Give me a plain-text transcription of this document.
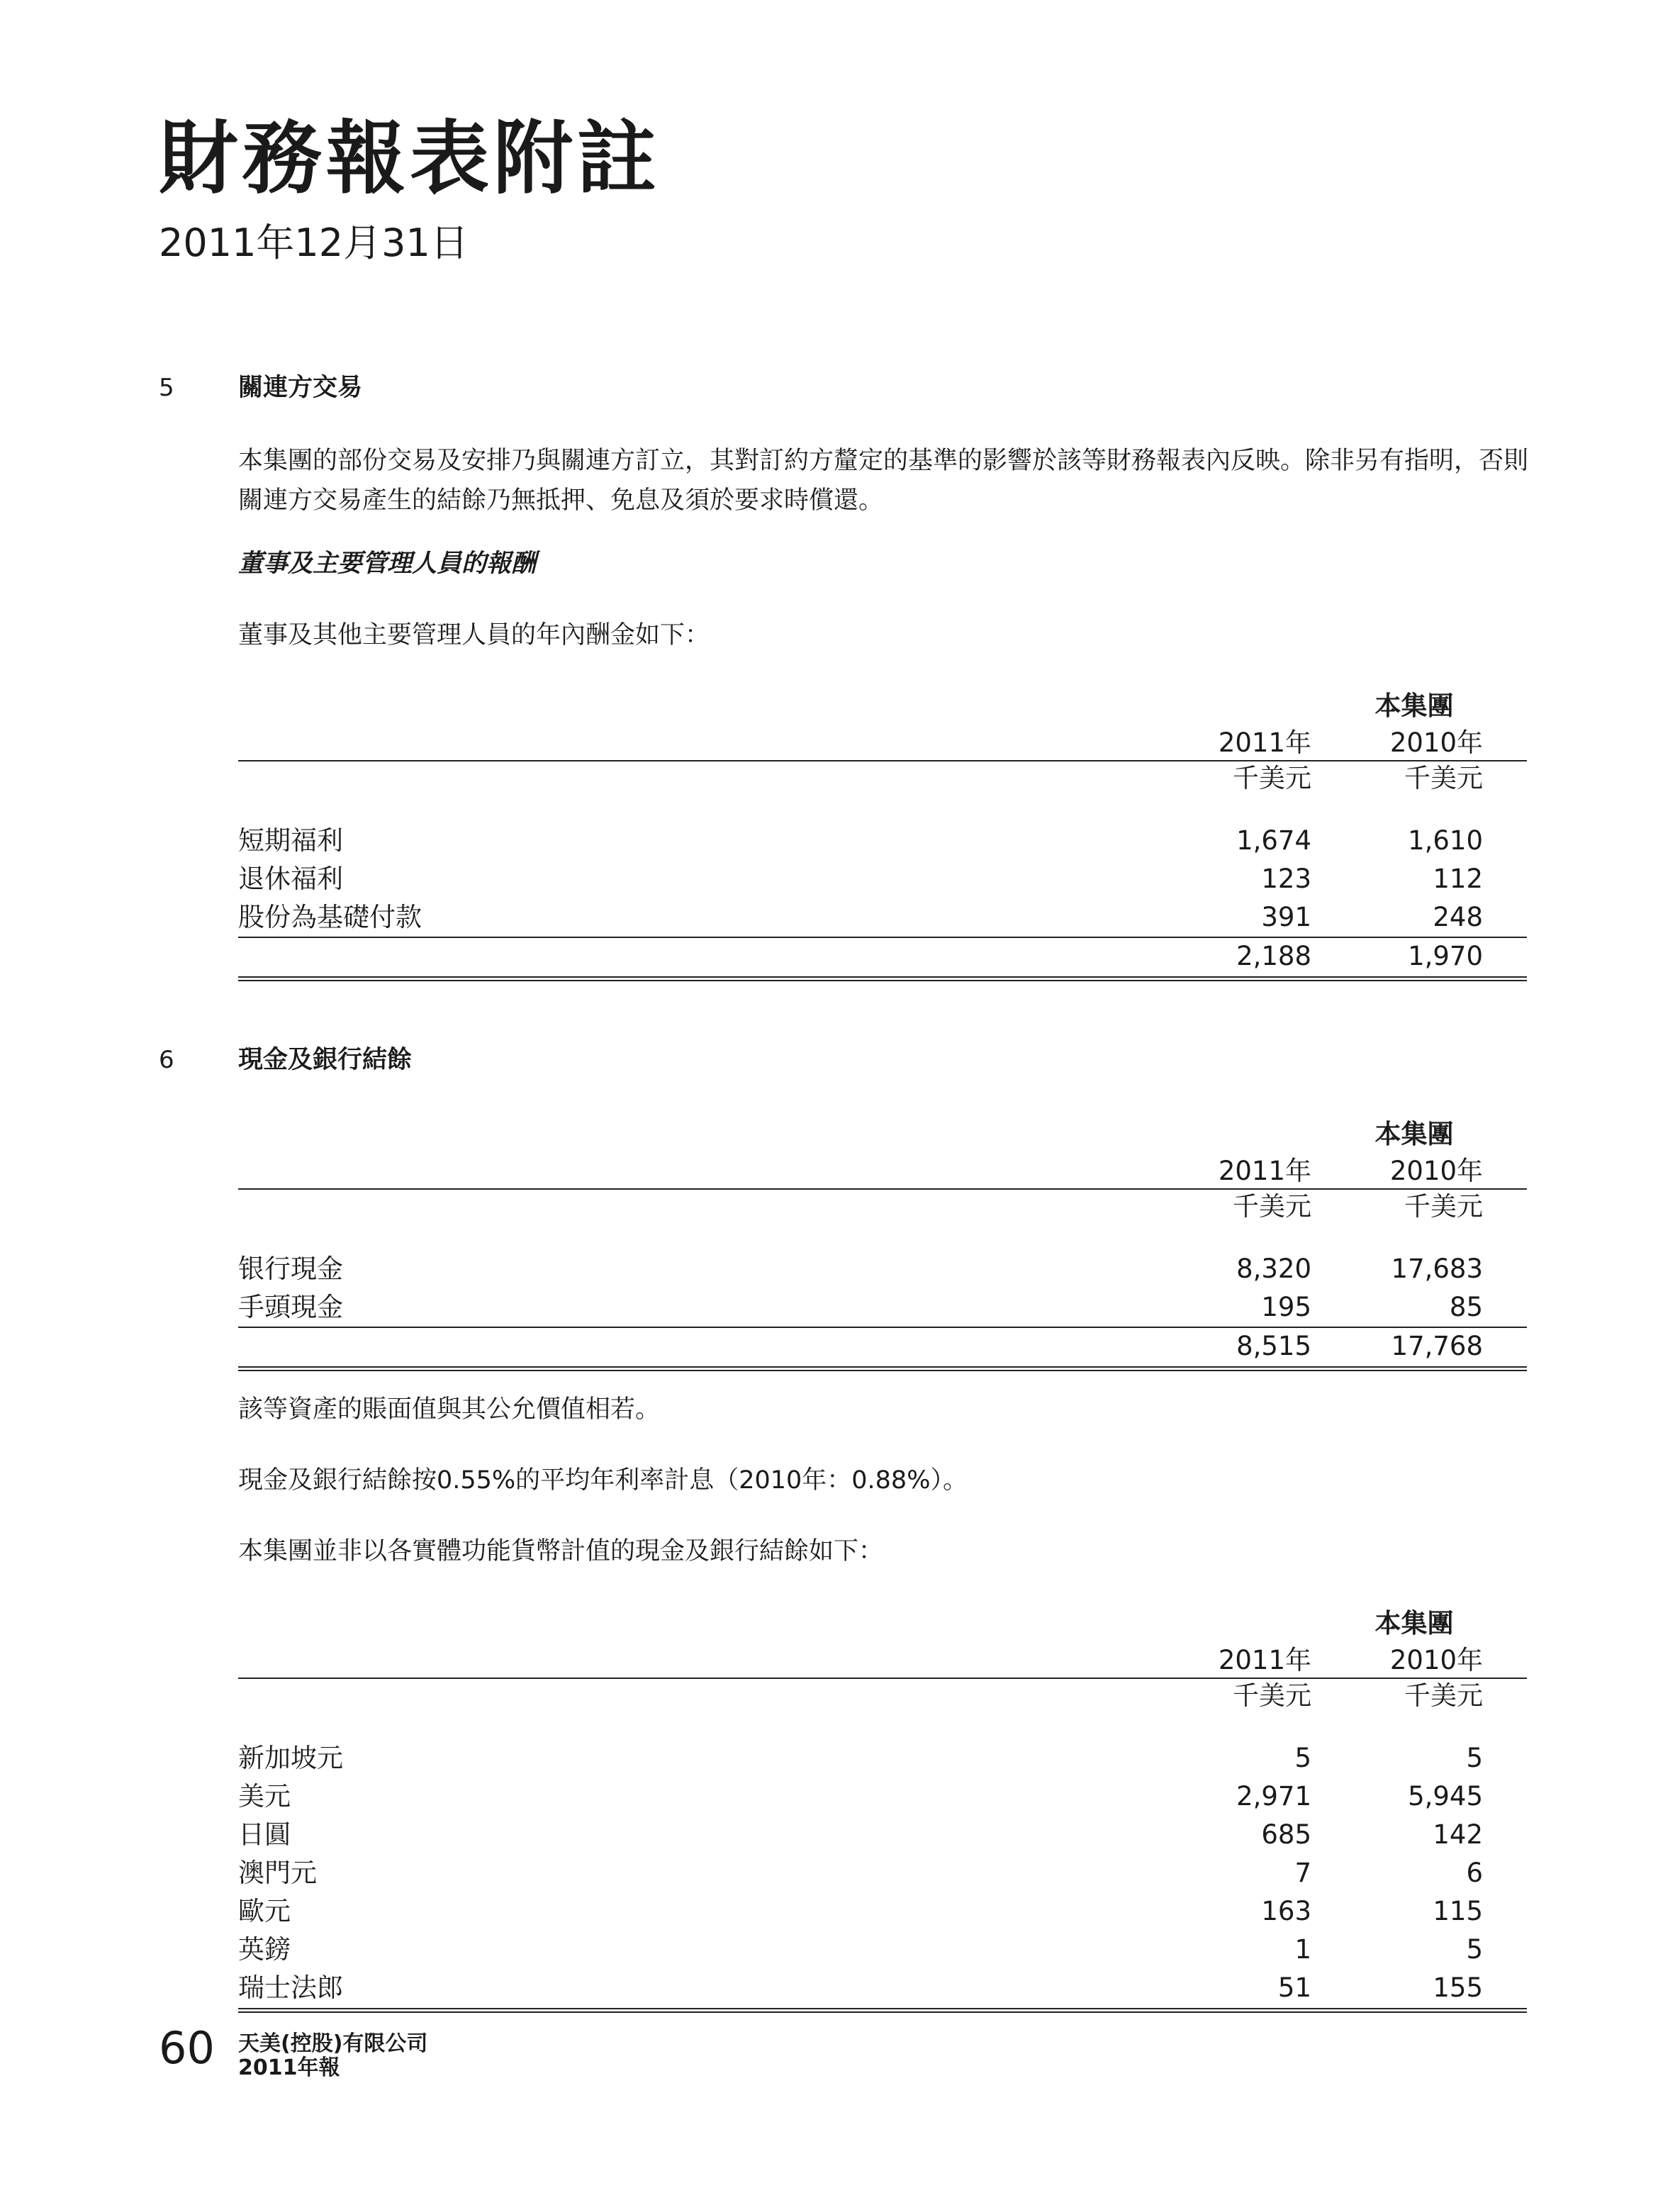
財務報表附註
2011年12月31日
5	關連方交易

本集團的部份交易及安排乃與關連方訂立，其對訂約方釐定的基準的影響於該等財務報表內反映。除非另有指明，否則關連方交易產生的結餘乃無抵押、免息及須於要求時償還。

董事及主要管理人員的報酬
董事及其他主要管理人員的年內酬金如下：
本集團
2011年	2010年
千美元	千美元
短期福利	1,674	1,610
退休福利	123	112
股份為基礎付款	391	248
2,188	1,970
6	現金及銀行結餘
本集團
2011年	2010年
千美元	千美元
银行現金	8,320	17,683
手頭現金	195	85
8,515	17,768
該等資產的賬面值與其公允價值相若。
現金及銀行結餘按0.55%的平均年利率計息（2010年：0.88%）。
本集團並非以各實體功能貨幣計值的現金及銀行結餘如下：
本集團
2011年	2010年
千美元	千美元
新加坡元	5	5
美元	2,971	5,945
日圓	685	142
澳門元	7	6
歐元	163	115
英鎊	1	5
瑞士法郎	51	155
60 天美(控股)有限公司
2011年報
